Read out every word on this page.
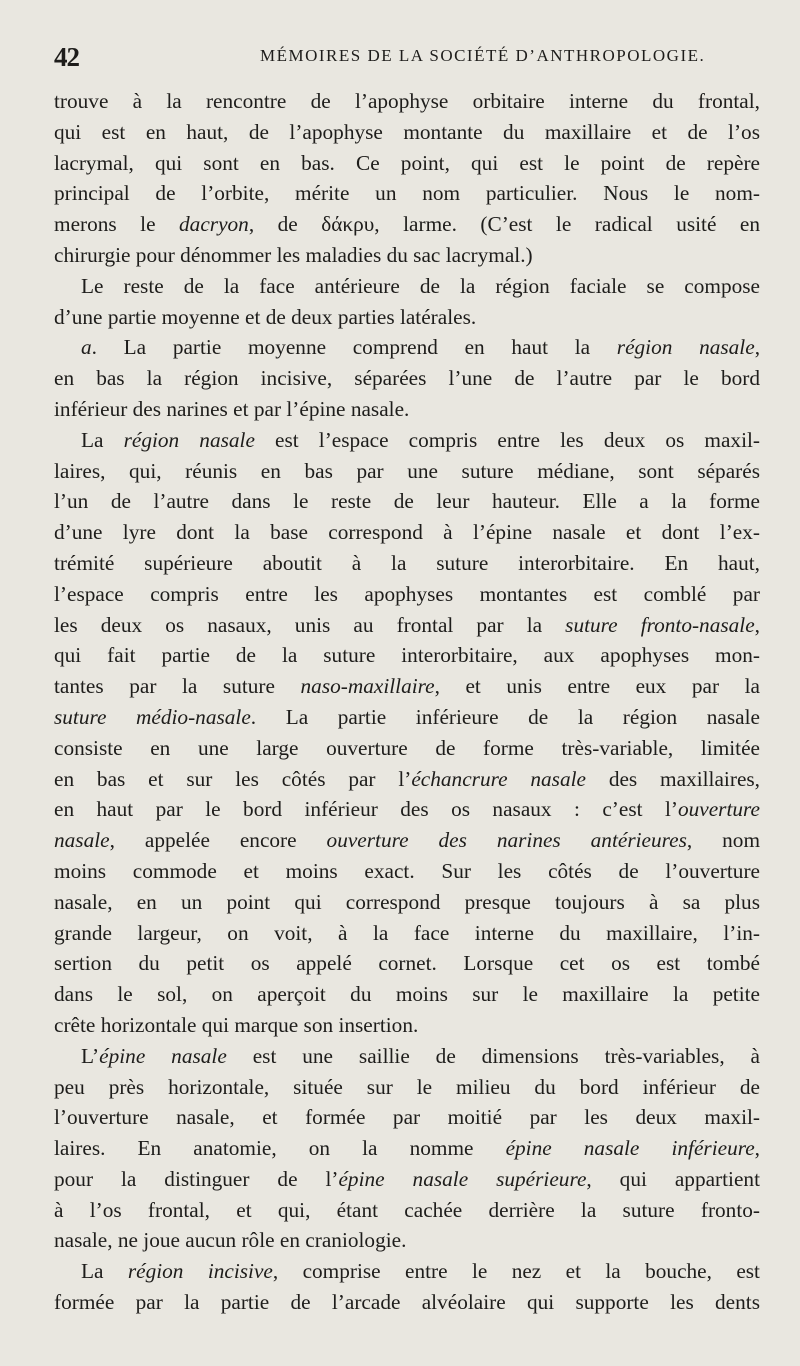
42	MÉMOIRES DE LA SOCIÉTÉ D’ANTHROPOLOGIE.
trouve à la rencontre de l’apophyse orbitaire interne du frontal,
qui est en haut, de l’apophyse montante du maxillaire et de l’os
lacrymal, qui sont en bas. Ce point, qui est le point de repère
principal de l’orbite, mérite un nom particulier. Nous le nom-
merons le dacryon, de δάκρυ, larme. (C’est le radical usité en
chirurgie pour dénommer les maladies du sac lacrymal.)
Le reste de la face antérieure de la région faciale se compose
d’une partie moyenne et de deux parties latérales.
a. La partie moyenne comprend en haut la région nasale,
en bas la région incisive, séparées l’une de l’autre par le bord
inférieur des narines et par l’épine nasale.
La région nasale est l’espace compris entre les deux os maxil-
laires, qui, réunis en bas par une suture médiane, sont séparés
l’un de l’autre dans le reste de leur hauteur. Elle a la forme
d’une lyre dont la base correspond à l’épine nasale et dont l’ex-
trémité supérieure aboutit à la suture interorbitaire. En haut,
l’espace compris entre les apophyses montantes est comblé par
les deux os nasaux, unis au frontal par la suture fronto-nasale,
qui fait partie de la suture interorbitaire, aux apophyses mon-
tantes par la suture naso-maxillaire, et unis entre eux par la
suture médio-nasale. La partie inférieure de la région nasale
consiste en une large ouverture de forme très-variable, limitée
en bas et sur les côtés par l’échancrure nasale des maxillaires,
en haut par le bord inférieur des os nasaux : c’est l’ouverture
nasale, appelée encore ouverture des narines antérieures, nom
moins commode et moins exact. Sur les côtés de l’ouverture
nasale, en un point qui correspond presque toujours à sa plus
grande largeur, on voit, à la face interne du maxillaire, l’in-
sertion du petit os appelé cornet. Lorsque cet os est tombé
dans le sol, on aperçoit du moins sur le maxillaire la petite
crête horizontale qui marque son insertion.
L’épine nasale est une saillie de dimensions très-variables, à
peu près horizontale, située sur le milieu du bord inférieur de
l’ouverture nasale, et formée par moitié par les deux maxil-
laires. En anatomie, on la nomme épine nasale inférieure,
pour la distinguer de l’épine nasale supérieure, qui appartient
à l’os frontal, et qui, étant cachée derrière la suture fronto-
nasale, ne joue aucun rôle en craniologie.
La région incisive, comprise entre le nez et la bouche, est
formée par la partie de l’arcade alvéolaire qui supporte les dents
